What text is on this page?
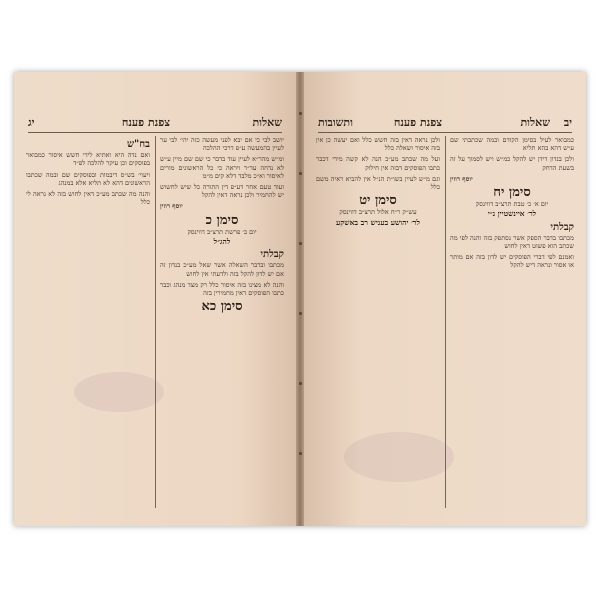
שאלות
צפנת פענח
יג

יושב לבי כי אם יבא לפני מעשה כזה יהי׳ לבי ער לעיין בהמעשה ע״פ דרכי ההלכה

ומ״ש מהר״א לעיין עוד בדבר כי שם שם מיין ע״ש לא נדחה עד״ר ויראה כי כל הראשונים מורים לאיסור וא״כ מלבד דלא קים מ״מ

ועוד טעם אחר דע״פ דין התורה כל שיש לחשוש יש להחמיר ולכן נראה דאין להקל

יוסף רוזין
סימן כ
יום ב׳ פרשת תרצ״ב דווינסק
להג״ל
קבלתי

מכתבו ובדבר השאלה אשר שאל מע״כ בנדון זה אם יש לדון להקל בזה ולדעתי אין לחוש

והנה לא מצינו בזה איסור כלל רק מצד מנהג וכבר כתבו הפוסקים דאין מחמירין בזה

סימן כא
בח"ש

ואם נדה היא ואתיא לידי חשש איסור כמבואר בפוסקים וכן עיקר להלכה לפ״ד

ויעוי׳ בש״ס דיבמות ובפוסקים שם ובמה שכתבו הראשונים דהא לא תליא אלא במנהג

והנה מה שכתב מע״כ דאין לחוש בזה לא נראה לי כלל

יב
שאלות
צפנת פענח
ותשובות

כמבואר לעיל בסימן הקודם ובמה שכתבתי שם ע״ש דהא בהא תליא

ולכן בנדון דידן יש להקל כמ״ש ויש לסמוך על זה בשעת הדחק

יוסף רוזין
סימן יח
יום א׳ כ׳ טבת תרצ״ב דווינסק
לר׳ איינשטיין נ״י
קבלתי

מכתבו בדבר הספק אשר נסתפק בזה והנה לפי מה שכתב הוא פשוט דאין לחוש

ואמנם לפי דברי הפוסקים יש לדון בזה אם מותר או אסור ונראה דיש להקל

ולכן נראה דאין בזה חשש כלל ואם יעשה כן אין בזה איסור ושאלה כלל

ועל מה שכתב מע״כ הנה לא קשה מידי דכבר כתבו הפוסקים דבזה אין חילוק

וגם מ״ש לעיין בשו״ת הנ״ל אין להביא ראיה משם כלל

סימן יט
עש״ק ר״ח אלול תרצ״ב דווינסק
לר׳ יהושע בעניש רב באשקע
